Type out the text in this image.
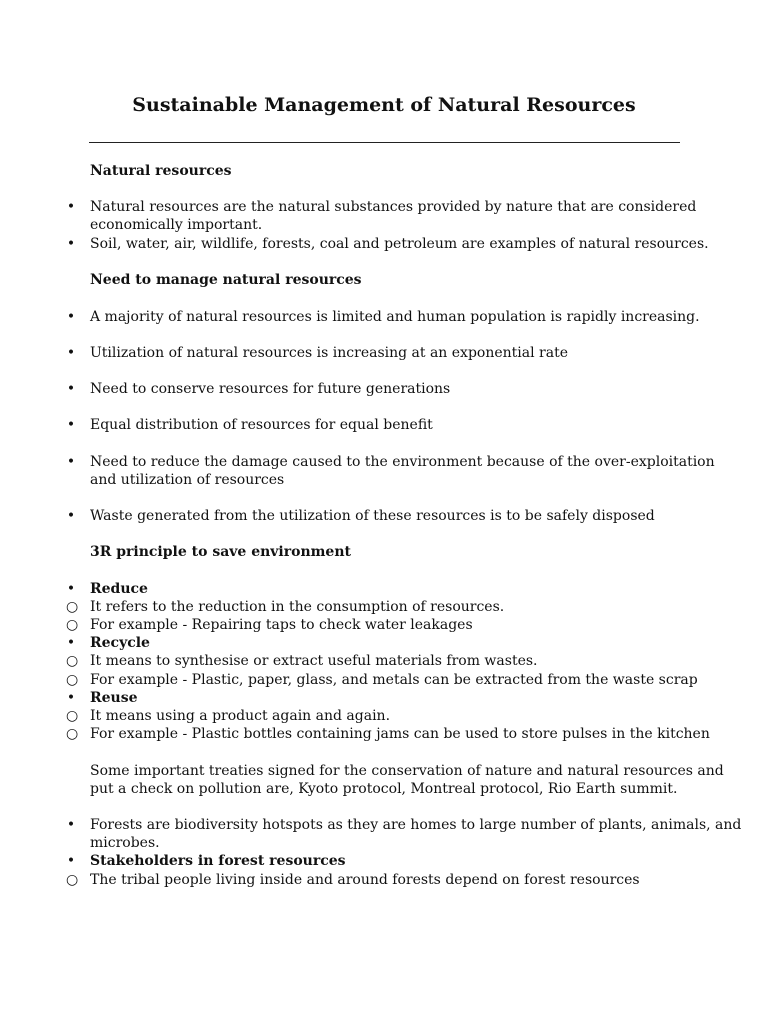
Sustainable Management of Natural Resources
Natural resources
• Natural resources are the natural substances provided by nature that are considered
economically important.
• Soil, water, air, wildlife, forests, coal and petroleum are examples of natural resources.
Need to manage natural resources
• A majority of natural resources is limited and human population is rapidly increasing.
• Utilization of natural resources is increasing at an exponential rate
• Need to conserve resources for future generations
• Equal distribution of resources for equal benefit
• Need to reduce the damage caused to the environment because of the over-exploitation
and utilization of resources
• Waste generated from the utilization of these resources is to be safely disposed
3R principle to save environment
• Reduce
○ It refers to the reduction in the consumption of resources.
○ For example - Repairing taps to check water leakages
• Recycle
○ It means to synthesise or extract useful materials from wastes.
○ For example - Plastic, paper, glass, and metals can be extracted from the waste scrap
• Reuse
○ It means using a product again and again.
○ For example - Plastic bottles containing jams can be used to store pulses in the kitchen
Some important treaties signed for the conservation of nature and natural resources and
put a check on pollution are, Kyoto protocol, Montreal protocol, Rio Earth summit.
• Forests are biodiversity hotspots as they are homes to large number of plants, animals, and
microbes.
• Stakeholders in forest resources
○ The tribal people living inside and around forests depend on forest resources
